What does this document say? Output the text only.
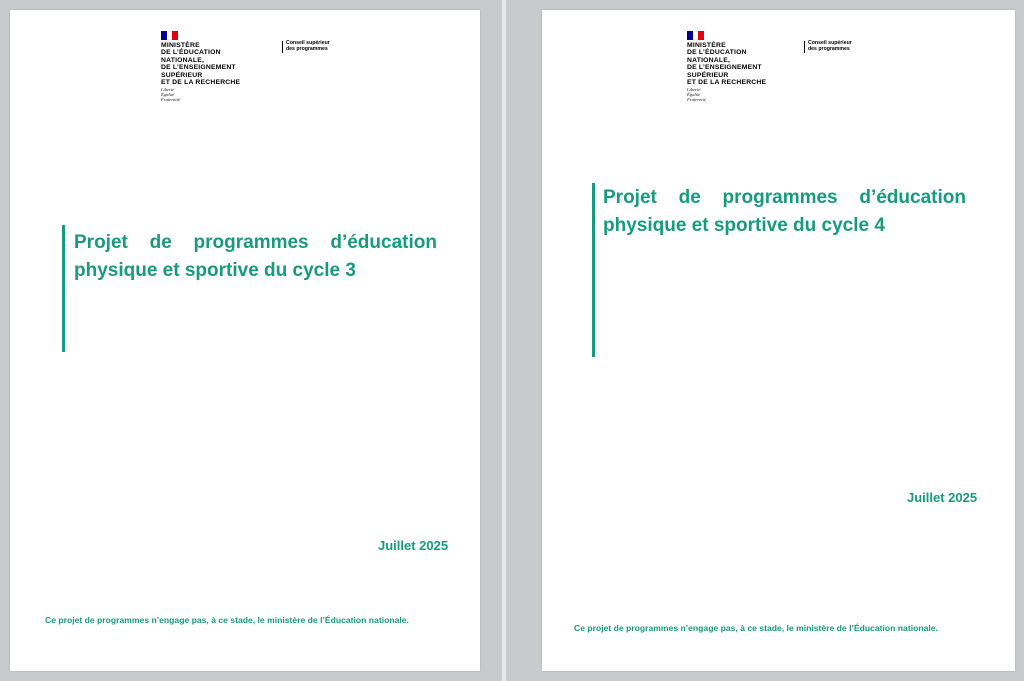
MINISTÈRE
DE L’ÉDUCATION
NATIONALE,
DE L’ENSEIGNEMENT
SUPÉRIEUR
ET DE LA RECHERCHE
Liberté
Égalité
Fraternité
Conseil supérieur
des programmes
Projet de programmes d’éducation
physique et sportive du cycle 3
Juillet 2025
Ce projet de programmes n’engage pas, à ce stade, le ministère de l’Éducation nationale.
MINISTÈRE
DE L’ÉDUCATION
NATIONALE,
DE L’ENSEIGNEMENT
SUPÉRIEUR
ET DE LA RECHERCHE
Liberté
Égalité
Fraternité
Conseil supérieur
des programmes
Projet de programmes d’éducation
physique et sportive du cycle 4
Juillet 2025
Ce projet de programmes n’engage pas, à ce stade, le ministère de l’Éducation nationale.
